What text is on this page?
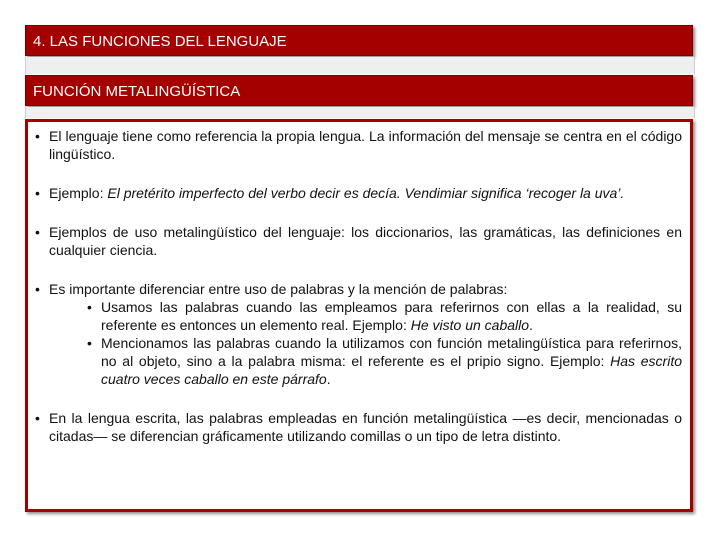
4. LAS FUNCIONES DEL LENGUAJE
FUNCIÓN METALINGÜÍSTICA
• El lenguaje tiene como referencia la propia lengua. La información del mensaje se centra en el código lingüístico.
• Ejemplo: El pretérito imperfecto del verbo decir es decía. Vendimiar significa ‘recoger la uva’.
• Ejemplos de uso metalingüístico del lenguaje: los diccionarios, las gramáticas, las definiciones en cualquier ciencia.
• Es importante diferenciar entre uso de palabras y la mención de palabras:
• Usamos las palabras cuando las empleamos para referirnos con ellas a la realidad, su referente es entonces un elemento real. Ejemplo: He visto un caballo.
• Mencionamos las palabras cuando la utilizamos con función metalingüística para referirnos, no al objeto, sino a la palabra misma: el referente es el pripio signo. Ejemplo: Has escrito cuatro veces caballo en este párrafo.
• En la lengua escrita, las palabras empleadas en función metalingüística —es decir, mencionadas o citadas— se diferencian gráficamente utilizando comillas o un tipo de letra distinto.
